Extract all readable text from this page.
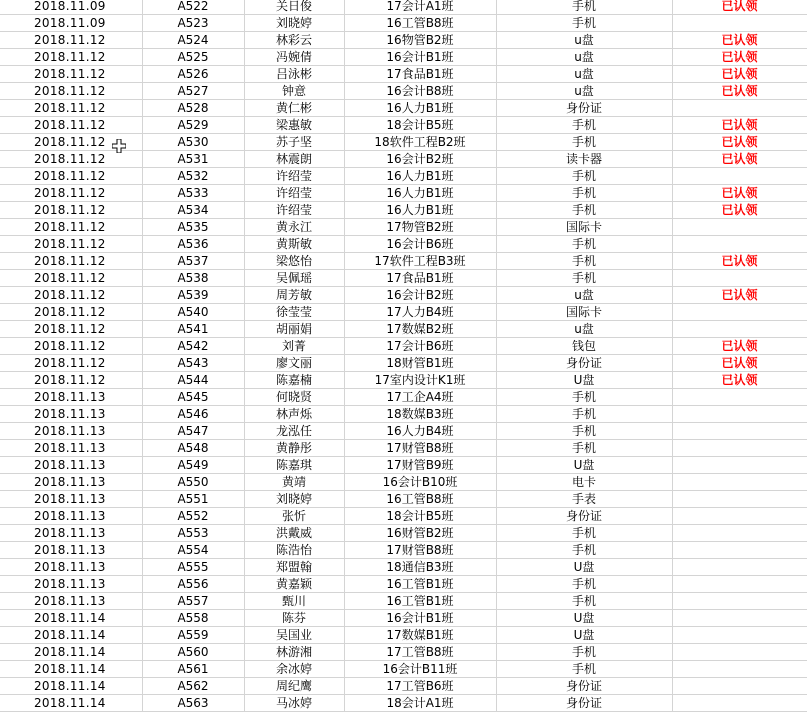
2018.11.09	A522	关日俊	17会计A1班	手机	已认领
2018.11.09	A523	刘晓婷	16工管B8班	手机	
2018.11.12	A524	林彩云	16物管B2班	u盘	已认领
2018.11.12	A525	冯婉倩	16会计B1班	u盘	已认领
2018.11.12	A526	吕泳彬	17食品B1班	u盘	已认领
2018.11.12	A527	钟意	16会计B8班	u盘	已认领
2018.11.12	A528	黄仁彬	16人力B1班	身份证	
2018.11.12	A529	梁惠敏	18会计B5班	手机	已认领
2018.11.12	A530	苏子坚	18软件工程B2班	手机	已认领
2018.11.12	A531	林震朗	16会计B2班	读卡器	已认领
2018.11.12	A532	许绍莹	16人力B1班	手机	
2018.11.12	A533	许绍莹	16人力B1班	手机	已认领
2018.11.12	A534	许绍莹	16人力B1班	手机	已认领
2018.11.12	A535	黄永江	17物管B2班	国际卡	
2018.11.12	A536	黄斯敏	16会计B6班	手机	
2018.11.12	A537	梁悠怡	17软件工程B3班	手机	已认领
2018.11.12	A538	吴佩瑶	17食品B1班	手机	
2018.11.12	A539	周芳敏	16会计B2班	u盘	已认领
2018.11.12	A540	徐莹莹	17人力B4班	国际卡	
2018.11.12	A541	胡丽娟	17数媒B2班	u盘	
2018.11.12	A542	刘菁	17会计B6班	钱包	已认领
2018.11.12	A543	廖文丽	18财管B1班	身份证	已认领
2018.11.12	A544	陈嘉楠	17室内设计K1班	U盘	已认领
2018.11.13	A545	何晓贤	17工企A4班	手机	
2018.11.13	A546	林声烁	18数媒B3班	手机	
2018.11.13	A547	龙泓任	16人力B4班	手机	
2018.11.13	A548	黄静彤	17财管B8班	手机	
2018.11.13	A549	陈嘉琪	17财管B9班	U盘	
2018.11.13	A550	黄靖	16会计B10班	电卡	
2018.11.13	A551	刘晓婷	16工管B8班	手表	
2018.11.13	A552	张忻	18会计B5班	身份证	
2018.11.13	A553	洪戴威	16财管B2班	手机	
2018.11.13	A554	陈浩怡	17财管B8班	手机	
2018.11.13	A555	郑盟翰	18通信B3班	U盘	
2018.11.13	A556	黄嘉颖	16工管B1班	手机	
2018.11.13	A557	甄川	16工管B1班	手机	
2018.11.14	A558	陈芬	16会计B1班	U盘	
2018.11.14	A559	吴国业	17数媒B1班	U盘	
2018.11.14	A560	林游湘	17工管B8班	手机	
2018.11.14	A561	余冰婷	16会计B11班	手机	
2018.11.14	A562	周纪鹰	17工管B6班	身份证	
2018.11.14	A563	马冰婷	18会计A1班	身份证	
